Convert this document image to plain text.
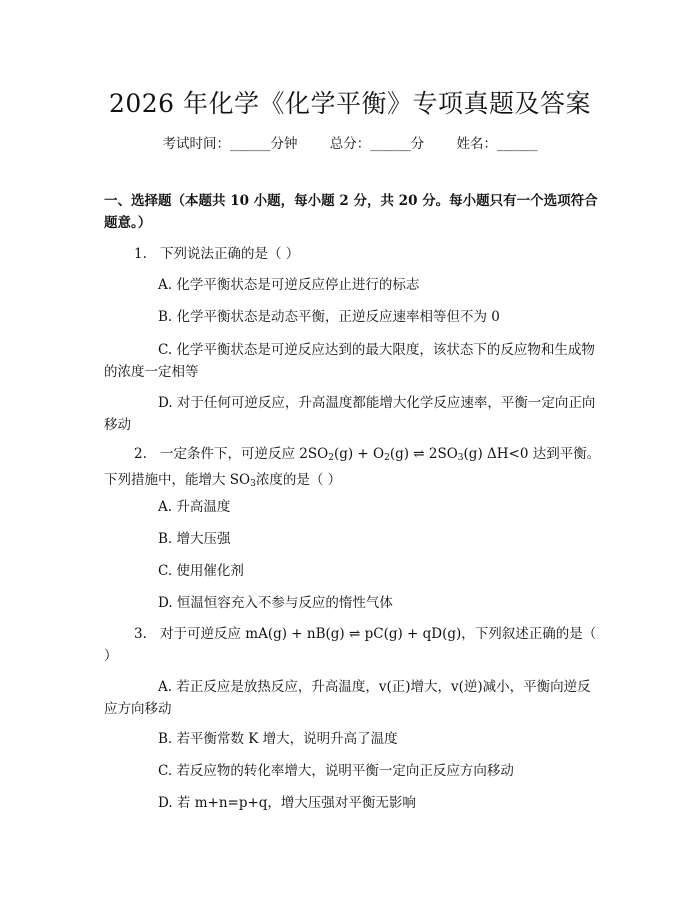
2026 年化学《化学平衡》专项真题及答案
考试时间：______分钟 总分：______分 姓名：______
一、选择题（本题共 10 小题，每小题 2 分，共 20 分。每小题只有一个选项符合题意。）
1. 下列说法正确的是（ ）
A. 化学平衡状态是可逆反应停止进行的标志
B. 化学平衡状态是动态平衡，正逆反应速率相等但不为 0
C. 化学平衡状态是可逆反应达到的最大限度，该状态下的反应物和生成物的浓度一定相等
D. 对于任何可逆反应，升高温度都能增大化学反应速率，平衡一定向正向移动
2. 一定条件下，可逆反应 $2SO_2(g) + O_2(g)$ ⇌ $2SO_3(g)$ ΔH<0 达到平衡。下列措施中，能增大 $SO_3$浓度的是（ ）
A. 升高温度
B. 增大压强
C. 使用催化剂
D. 恒温恒容充入不参与反应的惰性气体
3. 对于可逆反应 mA(g) + nB(g) ⇌ pC(g) + qD(g)，下列叙述正确的是（ ）
A. 若正反应是放热反应，升高温度，v(正)增大，v(逆)减小，平衡向逆反应方向移动
B. 若平衡常数 K 增大，说明升高了温度
C. 若反应物的转化率增大，说明平衡一定向正反应方向移动
D. 若 m+n=p+q，增大压强对平衡无影响
